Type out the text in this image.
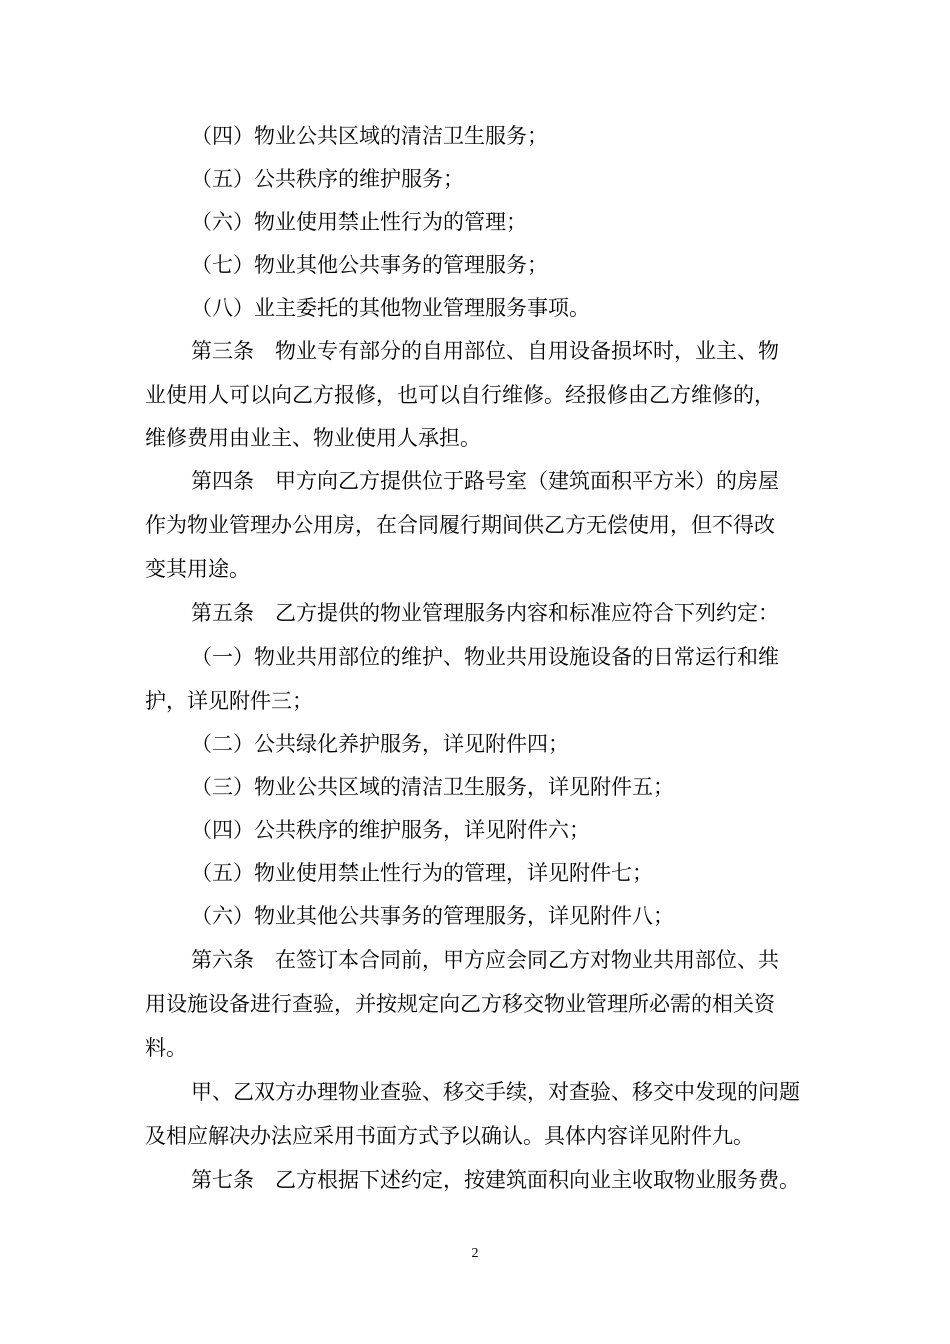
（四）物业公共区域的清洁卫生服务；
（五）公共秩序的维护服务；
（六）物业使用禁止性行为的管理；
（七）物业其他公共事务的管理服务；
（八）业主委托的其他物业管理服务事项。
第三条　物业专有部分的自用部位、自用设备损坏时，业主、物
业使用人可以向乙方报修，也可以自行维修。经报修由乙方维修的，
维修费用由业主、物业使用人承担。
第四条　甲方向乙方提供位于路号室（建筑面积平方米）的房屋
作为物业管理办公用房，在合同履行期间供乙方无偿使用，但不得改
变其用途。
第五条　乙方提供的物业管理服务内容和标准应符合下列约定：
（一）物业共用部位的维护、物业共用设施设备的日常运行和维
护，详见附件三；
（二）公共绿化养护服务，详见附件四；
（三）物业公共区域的清洁卫生服务，详见附件五；
（四）公共秩序的维护服务，详见附件六；
（五）物业使用禁止性行为的管理，详见附件七；
（六）物业其他公共事务的管理服务，详见附件八；
第六条　在签订本合同前，甲方应会同乙方对物业共用部位、共
用设施设备进行查验，并按规定向乙方移交物业管理所必需的相关资
料。
甲、乙双方办理物业查验、移交手续，对查验、移交中发现的问题
及相应解决办法应采用书面方式予以确认。具体内容详见附件九。
第七条　乙方根据下述约定，按建筑面积向业主收取物业服务费。
2
